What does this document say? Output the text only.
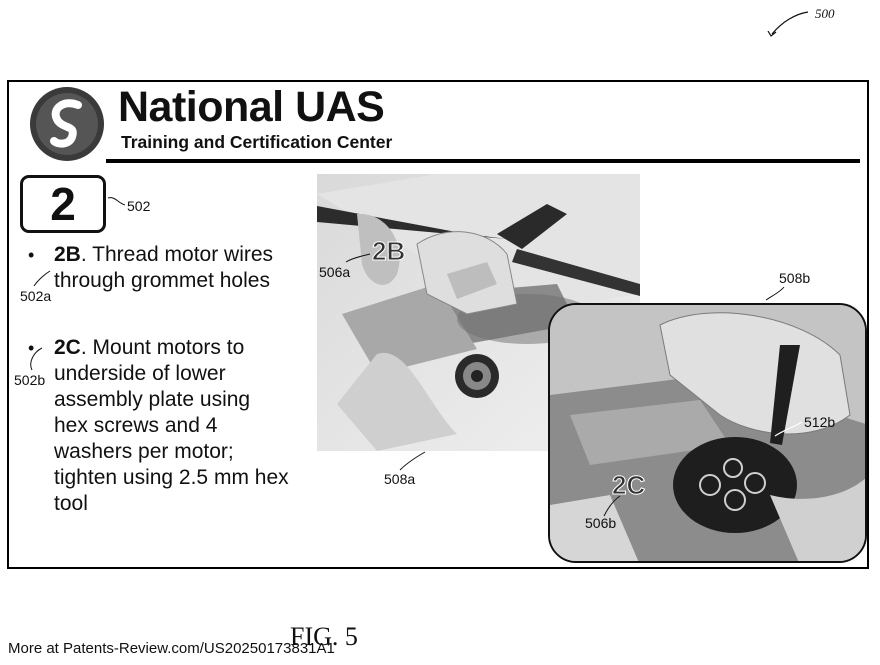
500
National UAS
Training and Certification Center
2	502
• 2B. Thread motor wires
through grommet holes
502a
• 2C. Mount motors to
underside of lower
assembly plate using
hex screws and 4
washers per motor;
tighten using 2.5 mm hex
tool
502b
2B
2C
506a
508a
508b
512b
506b
FIG. 5
More at Patents-Review.com/US20250173831A1
